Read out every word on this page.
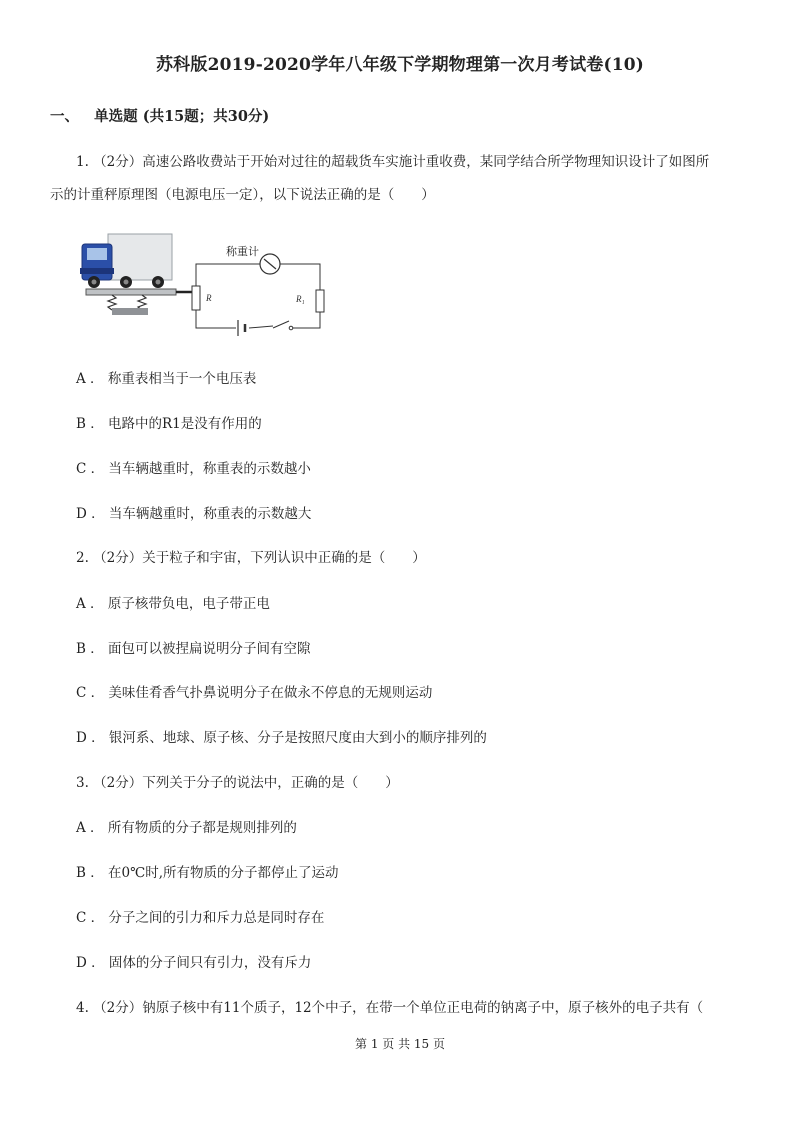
苏科版2019-2020学年八年级下学期物理第一次月考试卷(10)
一、 单选题 (共15题；共30分)
1. （2分）高速公路收费站于开始对过往的超载货车实施计重收费，某同学结合所学物理知识设计了如图所
示的计重秤原理图（电源电压一定），以下说法正确的是（　　）
称重计
R	R₁
A ． 称重表相当于一个电压表
B ． 电路中的R1是没有作用的
C ． 当车辆越重时，称重表的示数越小
D ． 当车辆越重时，称重表的示数越大
2. （2分）关于粒子和宇宙，下列认识中正确的是（　　）
A ． 原子核带负电，电子带正电
B ． 面包可以被捏扁说明分子间有空隙
C ． 美味佳肴香气扑鼻说明分子在做永不停息的无规则运动
D ． 银河系、地球、原子核、分子是按照尺度由大到小的顺序排列的
3. （2分）下列关于分子的说法中，正确的是（　　）
A ． 所有物质的分子都是规则排列的
B ． 在0℃时,所有物质的分子都停止了运动
C ． 分子之间的引力和斥力总是同时存在
D ． 固体的分子间只有引力，没有斥力
4. （2分）钠原子核中有11个质子，12个中子，在带一个单位正电荷的钠离子中，原子核外的电子共有（
第 1 页 共 15 页
